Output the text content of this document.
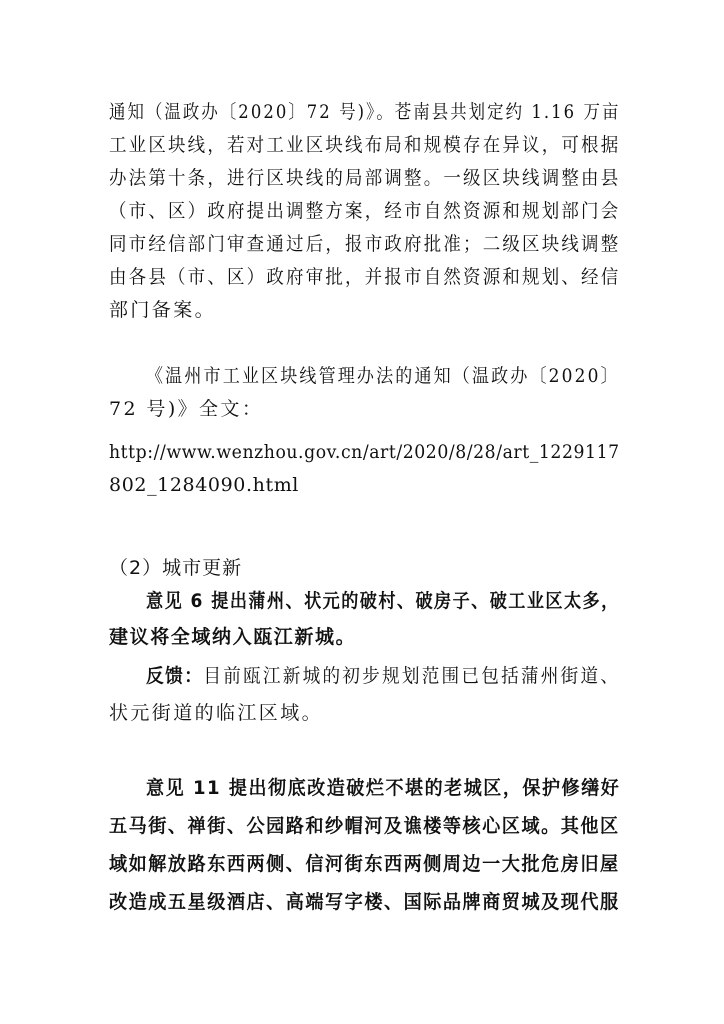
通知（温政办〔2020〕72 号)》。苍南县共划定约 1.16 万亩
工业区块线，若对工业区块线布局和规模存在异议，可根据
办法第十条，进行区块线的局部调整。一级区块线调整由县
（市、区）政府提出调整方案，经市自然资源和规划部门会
同市经信部门审查通过后，报市政府批准；二级区块线调整
由各县（市、区）政府审批，并报市自然资源和规划、经信
部门备案。
《温州市工业区块线管理办法的通知（温政办〔2020〕
72 号)》全文：
http://www.wenzhou.gov.cn/art/2020/8/28/art_1229117
802_1284090.html
（2）城市更新
意见 6 提出蒲州、状元的破村、破房子、破工业区太多，
建议将全域纳入瓯江新城。
反馈：目前瓯江新城的初步规划范围已包括蒲州街道、
状元街道的临江区域。
意见 11 提出彻底改造破烂不堪的老城区，保护修缮好
五马街、禅街、公园路和纱帽河及谯楼等核心区域。其他区
域如解放路东西两侧、信河街东西两侧周边一大批危房旧屋
改造成五星级酒店、高端写字楼、国际品牌商贸城及现代服
